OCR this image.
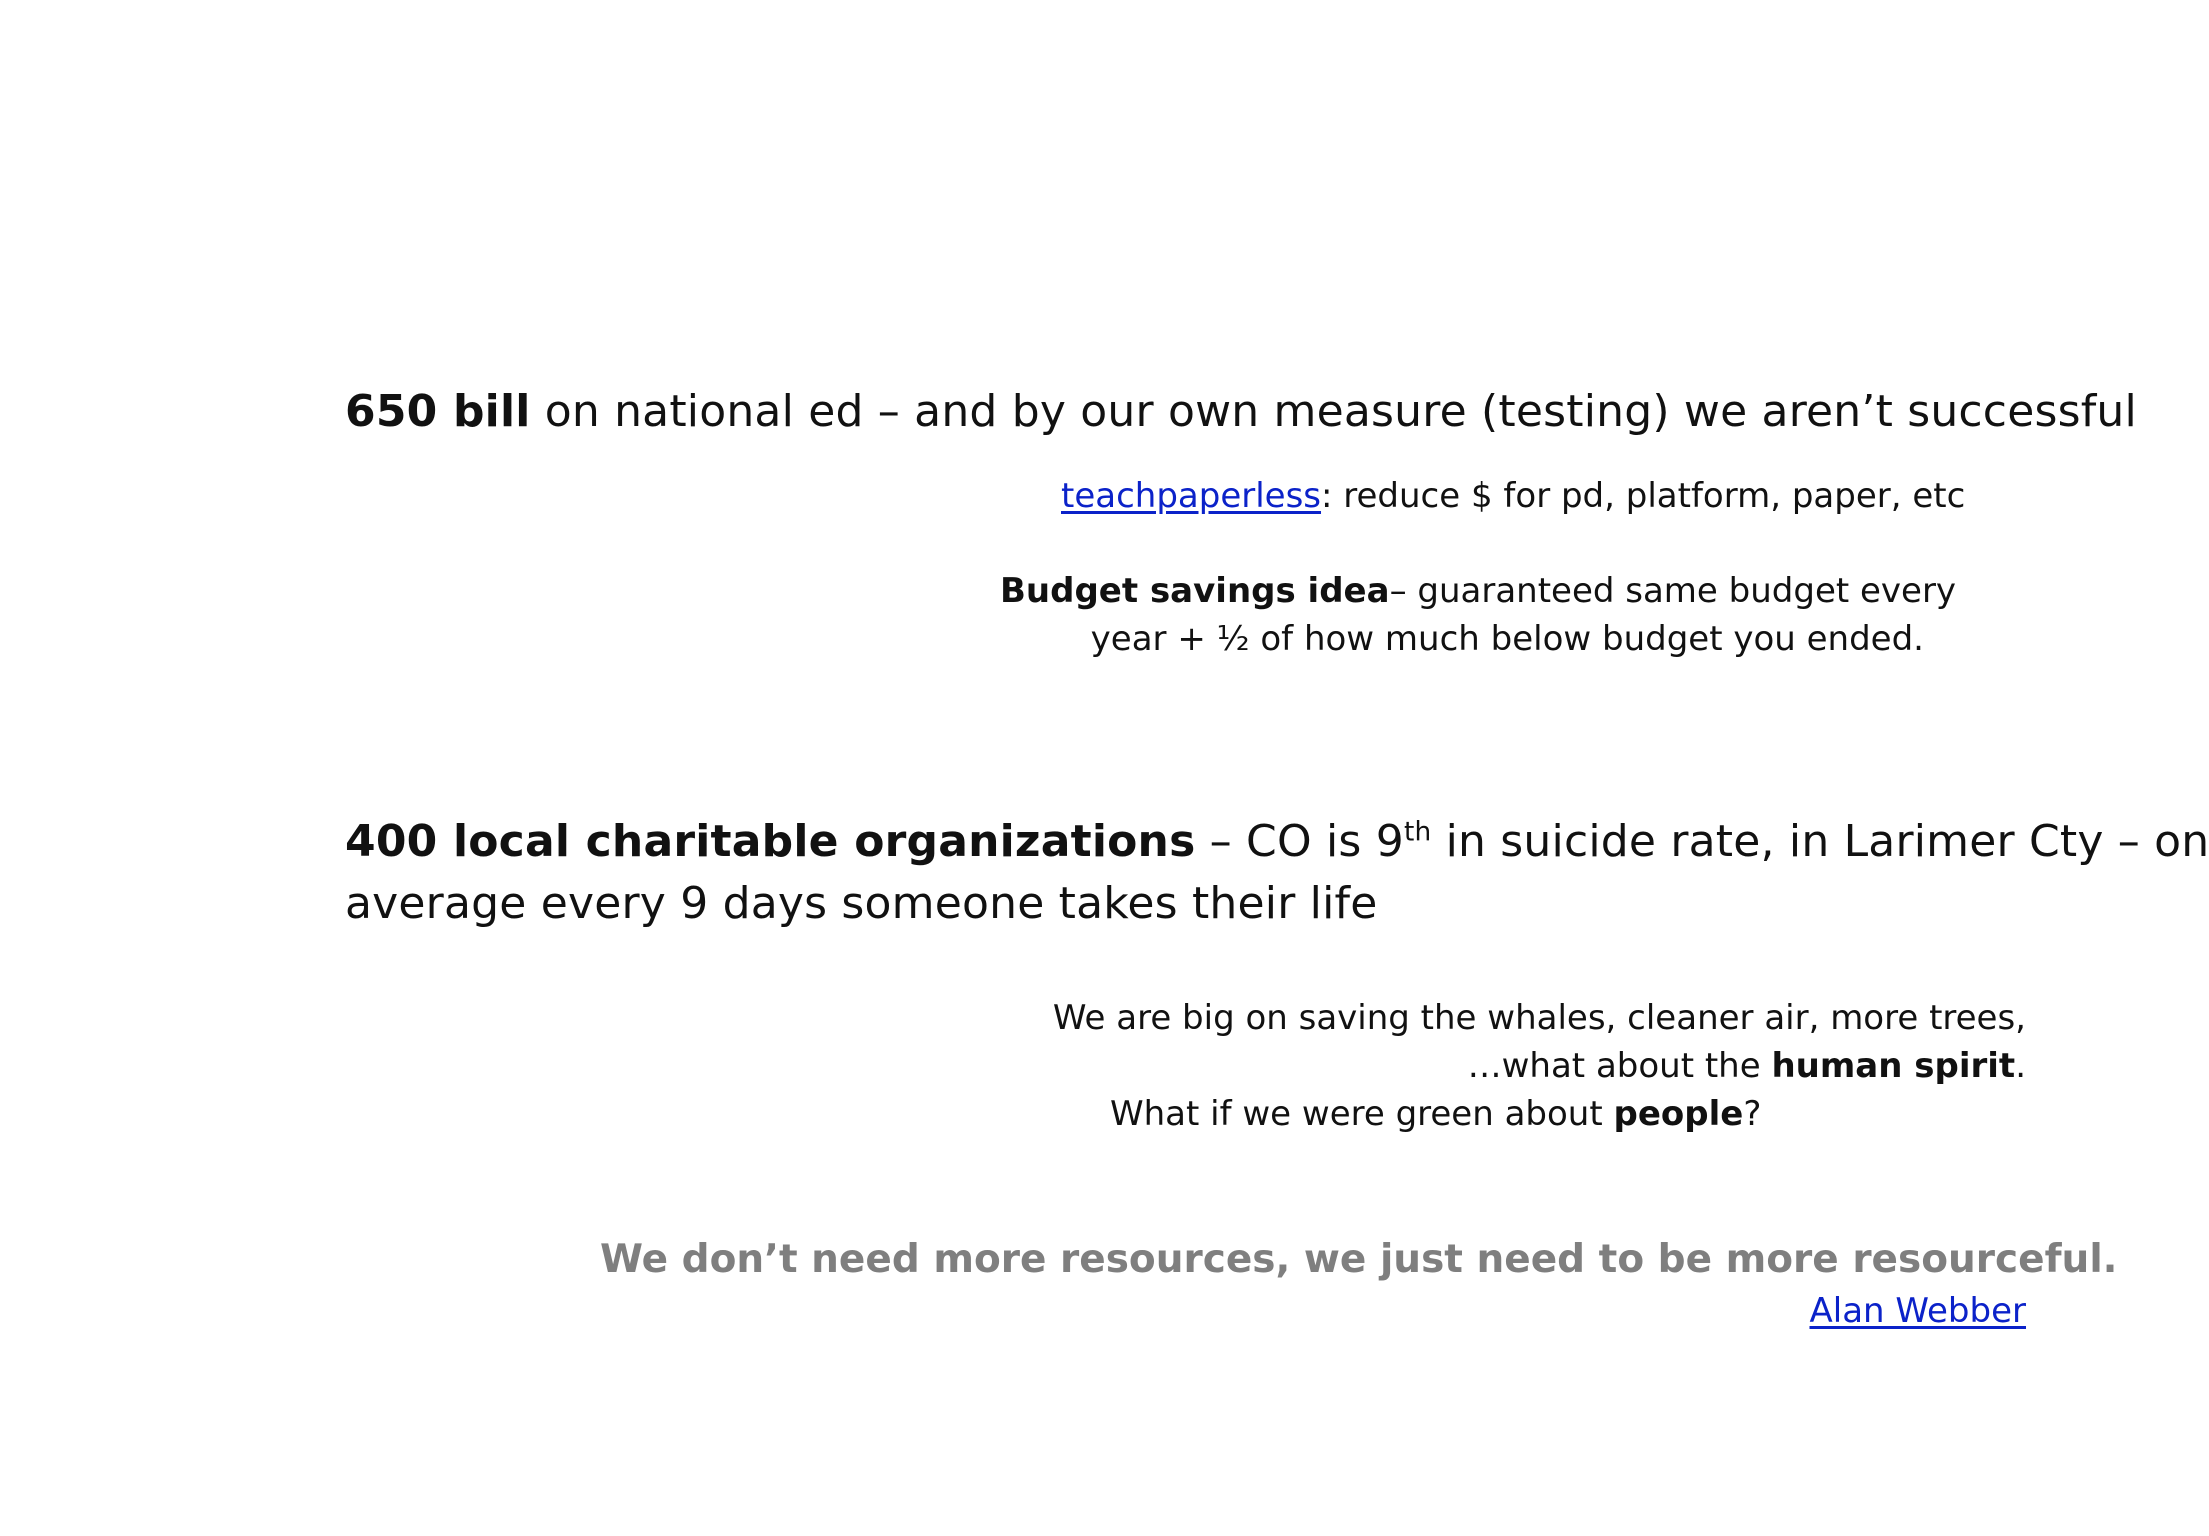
650 bill on national ed – and by our own measure (testing) we aren’t successful
teachpaperless: reduce $ for pd, platform, paper, etc
Budget savings idea– guaranteed same budget every
year + ½ of how much below budget you ended.
400 local charitable organizations – CO is 9th in suicide rate, in Larimer Cty – on
average every 9 days someone takes their life
We are big on saving the whales, cleaner air, more trees,
…what about the human spirit.
What if we were green about people?
We don’t need more resources, we just need to be more resourceful.
Alan Webber
